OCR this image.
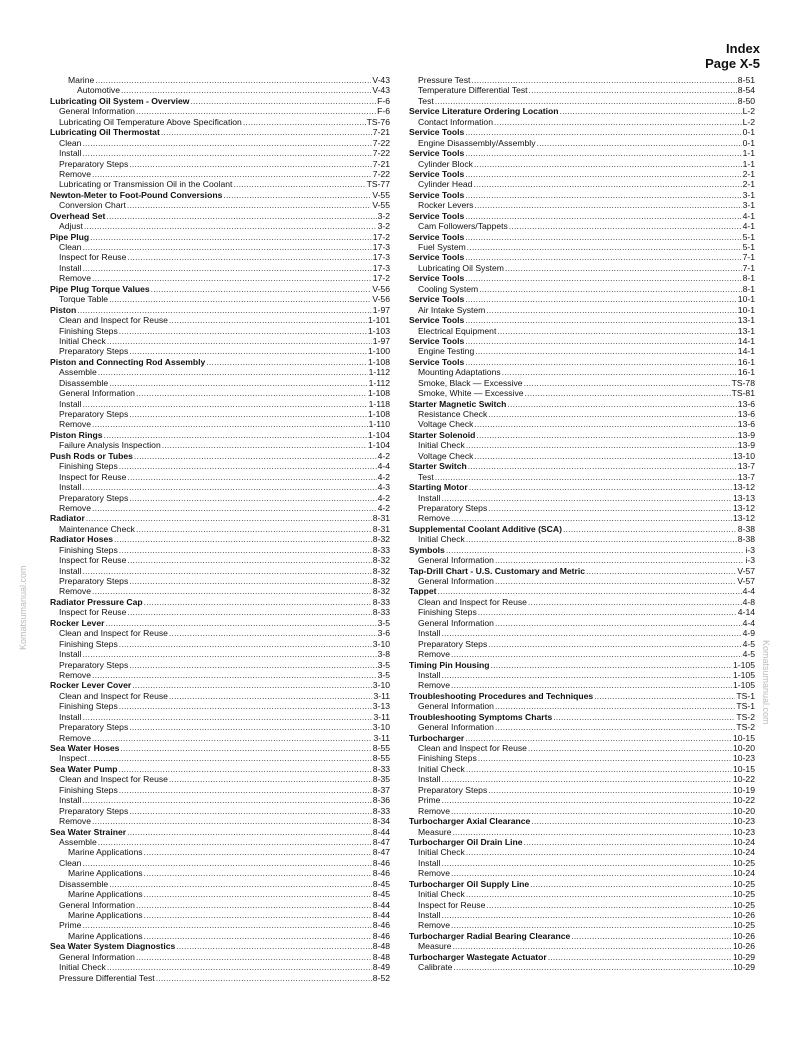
Index
Page X-5
Komatsumanual.com
Komatsumanual.com
Marine .....	V-43
Automotive .....	V-43
Lubricating Oil System - Overview .....	F-6
General Information .....	F-6
Lubricating Oil Temperature Above Specification .....	TS-76
Lubricating Oil Thermostat .....	7-21
Clean .....	7-22
Install .....	7-22
Preparatory Steps .....	7-21
Remove .....	7-22
Lubricating or Transmission Oil in the Coolant .....	TS-77
Newton-Meter to Foot-Pound Conversions .....	V-55
Conversion Chart .....	V-55
Overhead Set .....	3-2
Adjust .....	3-2
Pipe Plug .....	17-2
Clean .....	17-3
Inspect for Reuse .....	17-3
Install .....	17-3
Remove .....	17-2
Pipe Plug Torque Values .....	V-56
Torque Table .....	V-56
Piston .....	1-97
Clean and Inspect for Reuse .....	1-101
Finishing Steps .....	1-103
Initial Check .....	1-97
Preparatory Steps .....	1-100
Piston and Connecting Rod Assembly .....	1-108
Assemble .....	1-112
Disassemble .....	1-112
General Information .....	1-108
Install .....	1-118
Preparatory Steps .....	1-108
Remove .....	1-110
Piston Rings .....	1-104
Failure Analysis Inspection .....	1-104
Push Rods or Tubes .....	4-2
Finishing Steps .....	4-4
Inspect for Reuse .....	4-2
Install .....	4-3
Preparatory Steps .....	4-2
Remove .....	4-2
Radiator .....	8-31
Maintenance Check .....	8-31
Radiator Hoses .....	8-32
Finishing Steps .....	8-33
Inspect for Reuse .....	8-32
Install .....	8-32
Preparatory Steps .....	8-32
Remove .....	8-32
Radiator Pressure Cap .....	8-33
Inspect for Reuse .....	8-33
Rocker Lever .....	3-5
Clean and Inspect for Reuse .....	3-6
Finishing Steps .....	3-10
Install .....	3-8
Preparatory Steps .....	3-5
Remove .....	3-5
Rocker Lever Cover .....	3-10
Clean and Inspect for Reuse .....	3-11
Finishing Steps .....	3-13
Install .....	3-11
Preparatory Steps .....	3-10
Remove .....	3-11
Sea Water Hoses .....	8-55
Inspect .....	8-55
Sea Water Pump .....	8-33
Clean and Inspect for Reuse .....	8-35
Finishing Steps .....	8-37
Install .....	8-36
Preparatory Steps .....	8-33
Remove .....	8-34
Sea Water Strainer .....	8-44
Assemble .....	8-47
Marine Applications .....	8-47
Clean .....	8-46
Marine Applications .....	8-46
Disassemble .....	8-45
Marine Applications .....	8-45
General Information .....	8-44
Marine Applications .....	8-44
Prime .....	8-46
Marine Applications .....	8-46
Sea Water System Diagnostics .....	8-48
General Information .....	8-48
Initial Check .....	8-49
Pressure Differential Test .....	8-52
Pressure Test .....	8-51
Temperature Differential Test .....	8-54
Test .....	8-50
Service Literature Ordering Location .....	L-2
Contact Information .....	L-2
Service Tools .....	0-1
Engine Disassembly/Assembly .....	0-1
Service Tools .....	1-1
Cylinder Block .....	1-1
Service Tools .....	2-1
Cylinder Head .....	2-1
Service Tools .....	3-1
Rocker Levers .....	3-1
Service Tools .....	4-1
Cam Followers/Tappets .....	4-1
Service Tools .....	5-1
Fuel System .....	5-1
Service Tools .....	7-1
Lubricating Oil System .....	7-1
Service Tools .....	8-1
Cooling System .....	8-1
Service Tools .....	10-1
Air Intake System .....	10-1
Service Tools .....	13-1
Electrical Equipment .....	13-1
Service Tools .....	14-1
Engine Testing .....	14-1
Service Tools .....	16-1
Mounting Adaptations .....	16-1
Smoke, Black — Excessive .....	TS-78
Smoke, White — Excessive .....	TS-81
Starter Magnetic Switch .....	13-6
Resistance Check .....	13-6
Voltage Check .....	13-6
Starter Solenoid .....	13-9
Initial Check .....	13-9
Voltage Check .....	13-10
Starter Switch .....	13-7
Test .....	13-7
Starting Motor .....	13-12
Install .....	13-13
Preparatory Steps .....	13-12
Remove .....	13-12
Supplemental Coolant Additive (SCA) .....	8-38
Initial Check .....	8-38
Symbols .....	i-3
General Information .....	i-3
Tap-Drill Chart - U.S. Customary and Metric .....	V-57
General Information .....	V-57
Tappet .....	4-4
Clean and Inspect for Reuse .....	4-8
Finishing Steps .....	4-14
General Information .....	4-4
Install .....	4-9
Preparatory Steps .....	4-5
Remove .....	4-5
Timing Pin Housing .....	1-105
Install .....	1-105
Remove .....	1-105
Troubleshooting Procedures and Techniques .....	TS-1
General Information .....	TS-1
Troubleshooting Symptoms Charts .....	TS-2
General Information .....	TS-2
Turbocharger .....	10-15
Clean and Inspect for Reuse .....	10-20
Finishing Steps .....	10-23
Initial Check .....	10-15
Install .....	10-22
Preparatory Steps .....	10-19
Prime .....	10-22
Remove .....	10-20
Turbocharger Axial Clearance .....	10-23
Measure .....	10-23
Turbocharger Oil Drain Line .....	10-24
Initial Check .....	10-24
Install .....	10-25
Remove .....	10-24
Turbocharger Oil Supply Line .....	10-25
Initial Check .....	10-25
Inspect for Reuse .....	10-25
Install .....	10-26
Remove .....	10-25
Turbocharger Radial Bearing Clearance .....	10-26
Measure .....	10-26
Turbocharger Wastegate Actuator .....	10-29
Calibrate .....	10-29
